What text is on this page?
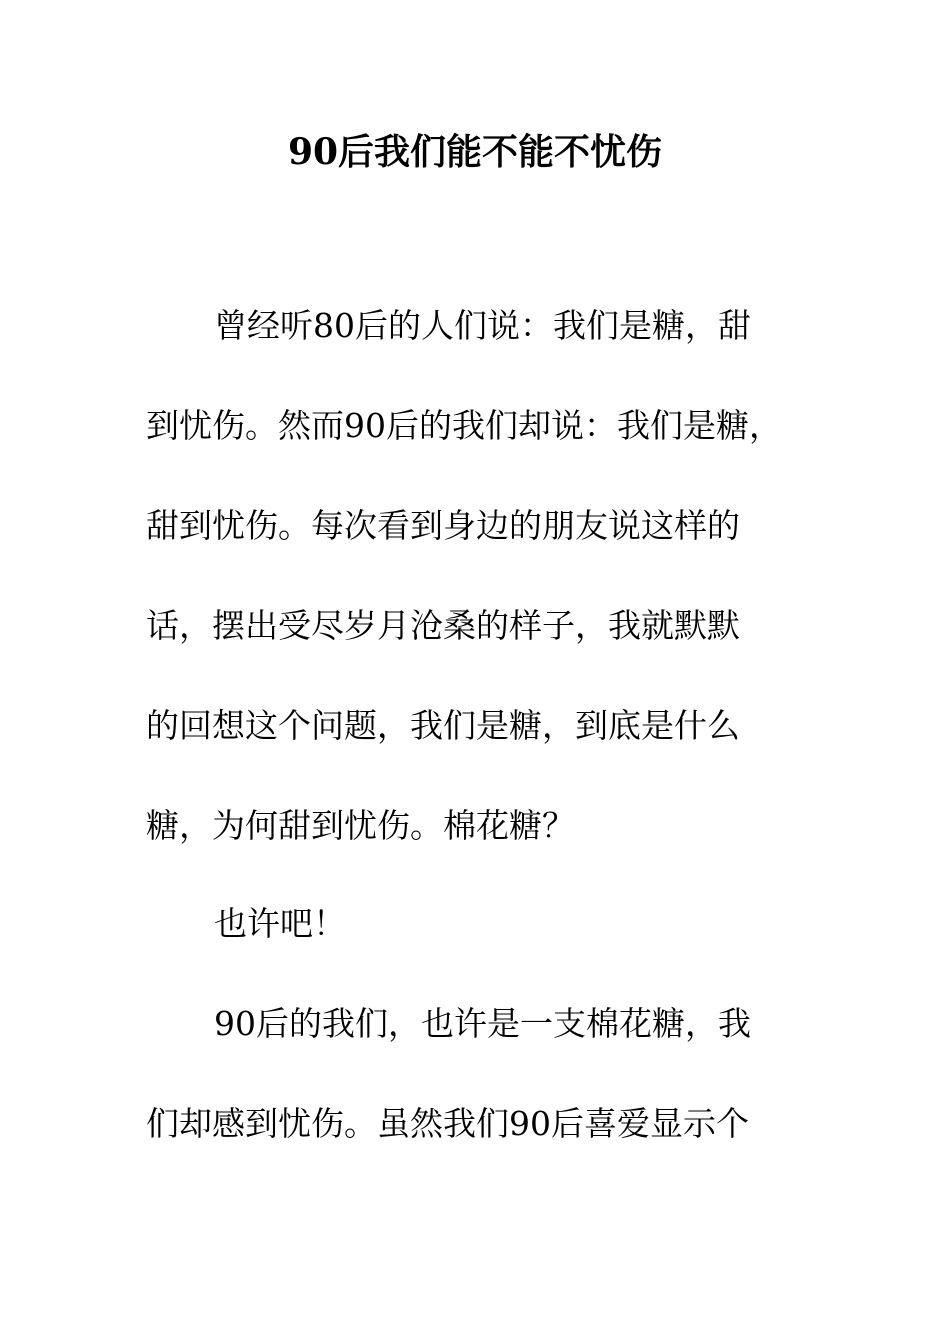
90后我们能不能不忧伤
曾经听80后的人们说：我们是糖，甜
到忧伤。然而90后的我们却说：我们是糖，
甜到忧伤。每次看到身边的朋友说这样的
话，摆出受尽岁月沧桑的样子，我就默默
的回想这个问题，我们是糖，到底是什么
糖，为何甜到忧伤。棉花糖？
也许吧！
90后的我们，也许是一支棉花糖，我
们却感到忧伤。虽然我们90后喜爱显示个
